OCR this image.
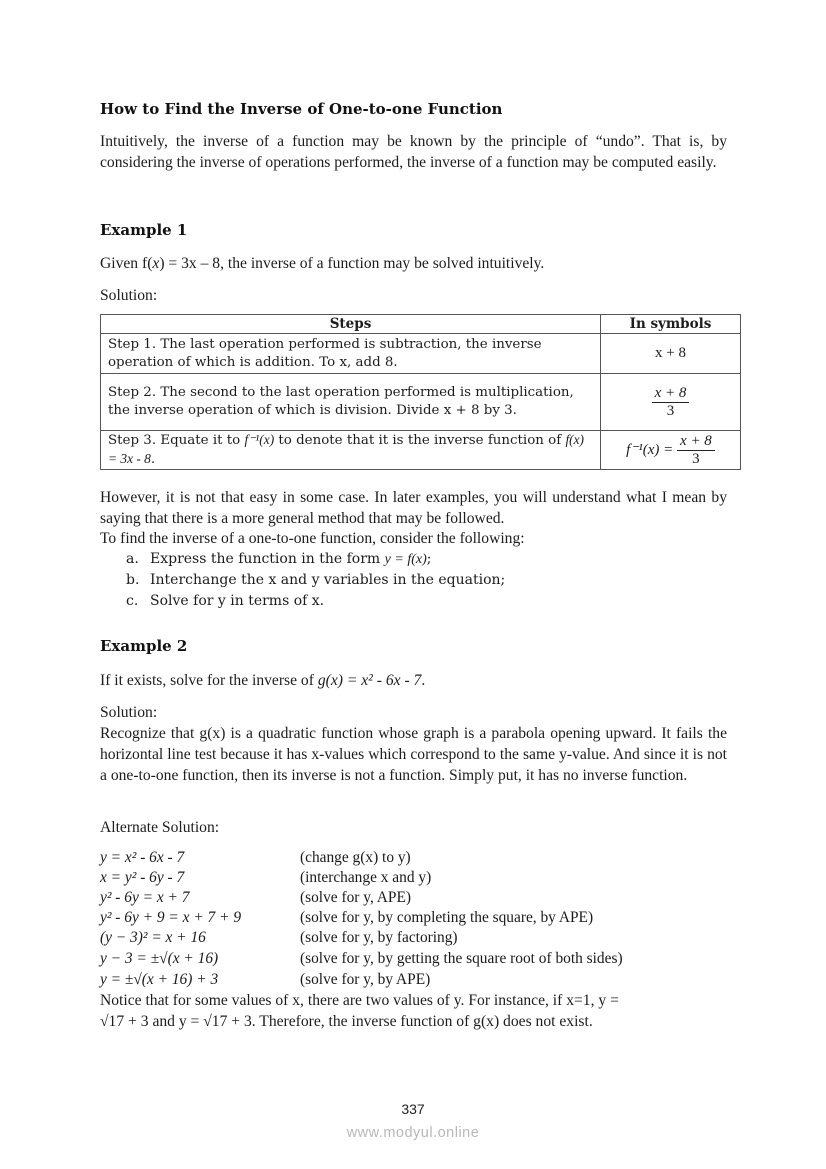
How to Find the Inverse of One-to-one Function
Intuitively, the inverse of a function may be known by the principle of “undo”. That is, by considering the inverse of operations performed, the inverse of a function may be computed easily.
Example 1
Given f(x) = 3x – 8, the inverse of a function may be solved intuitively.
Solution:
Steps	In symbols
Step 1. The last operation performed is subtraction, the inverse operation of which is addition. To x, add 8.	x + 8
Step 2. The second to the last operation performed is multiplication, the inverse operation of which is division. Divide x + 8 by 3.	$\frac{x + 8}{3}$

Step 3. Equate it to f⁻¹(x) to denote that it is the inverse function of f(x) = 3x - 8.	$f^{-1}(x) = \frac{x + 8}{3}$
However, it is not that easy in some case. In later examples, you will understand what I mean by saying that there is a more general method that may be followed.
To find the inverse of a one-to-one function, consider the following:
a. Express the function in the form y = f(x);
b. Interchange the x and y variables in the equation;
c. Solve for y in terms of x.
Example 2
If it exists, solve for the inverse of g(x) = x² - 6x - 7.
Solution:
Recognize that g(x) is a quadratic function whose graph is a parabola opening upward. It fails the horizontal line test because it has x-values which correspond to the same y-value. And since it is not a one-to-one function, then its inverse is not a function. Simply put, it has no inverse function.
Alternate Solution:
y = x² - 6x - 7	(change g(x) to y)
x = y² - 6y - 7	(interchange x and y)
y² - 6y = x + 7	(solve for y, APE)
y² - 6y + 9 = x + 7 + 9	(solve for y, by completing the square, by APE)
(y − 3)² = x + 16	(solve for y, by factoring)
y − 3 = ±√(x + 16)	(solve for y, by getting the square root of both sides)
y = ±√(x + 16) + 3	(solve for y, by APE)
Notice that for some values of x, there are two values of y. For instance, if x=1, y =
√17 + 3 and y = √17 + 3. Therefore, the inverse function of g(x) does not exist.
337
www.modyul.online
